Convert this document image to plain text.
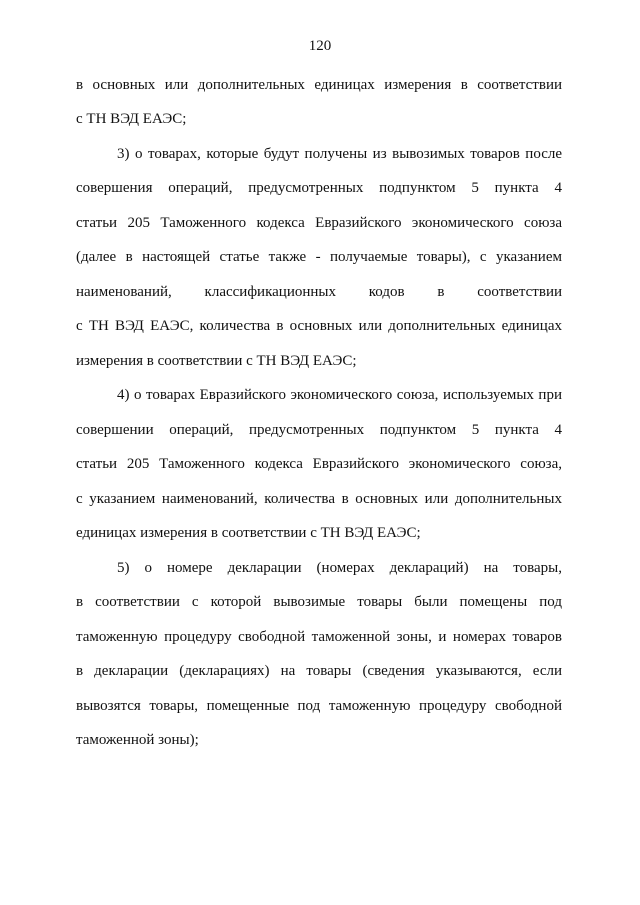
120
в основных или дополнительных единицах измерения в соответствии
с ТН ВЭД ЕАЭС;
3) о товарах, которые будут получены из вывозимых товаров после
совершения операций, предусмотренных подпунктом 5 пункта 4
статьи 205 Таможенного кодекса Евразийского экономического союза
(далее в настоящей статье также - получаемые товары), с указанием
наименований, классификационных кодов в соответствии
с ТН ВЭД ЕАЭС, количества в основных или дополнительных единицах
измерения в соответствии с ТН ВЭД ЕАЭС;
4) о товарах Евразийского экономического союза, используемых при
совершении операций, предусмотренных подпунктом 5 пункта 4
статьи 205 Таможенного кодекса Евразийского экономического союза,
с указанием наименований, количества в основных или дополнительных
единицах измерения в соответствии с ТН ВЭД ЕАЭС;
5) о номере декларации (номерах деклараций) на товары,
в соответствии с которой вывозимые товары были помещены под
таможенную процедуру свободной таможенной зоны, и номерах товаров
в декларации (декларациях) на товары (сведения указываются, если
вывозятся товары, помещенные под таможенную процедуру свободной
таможенной зоны);
